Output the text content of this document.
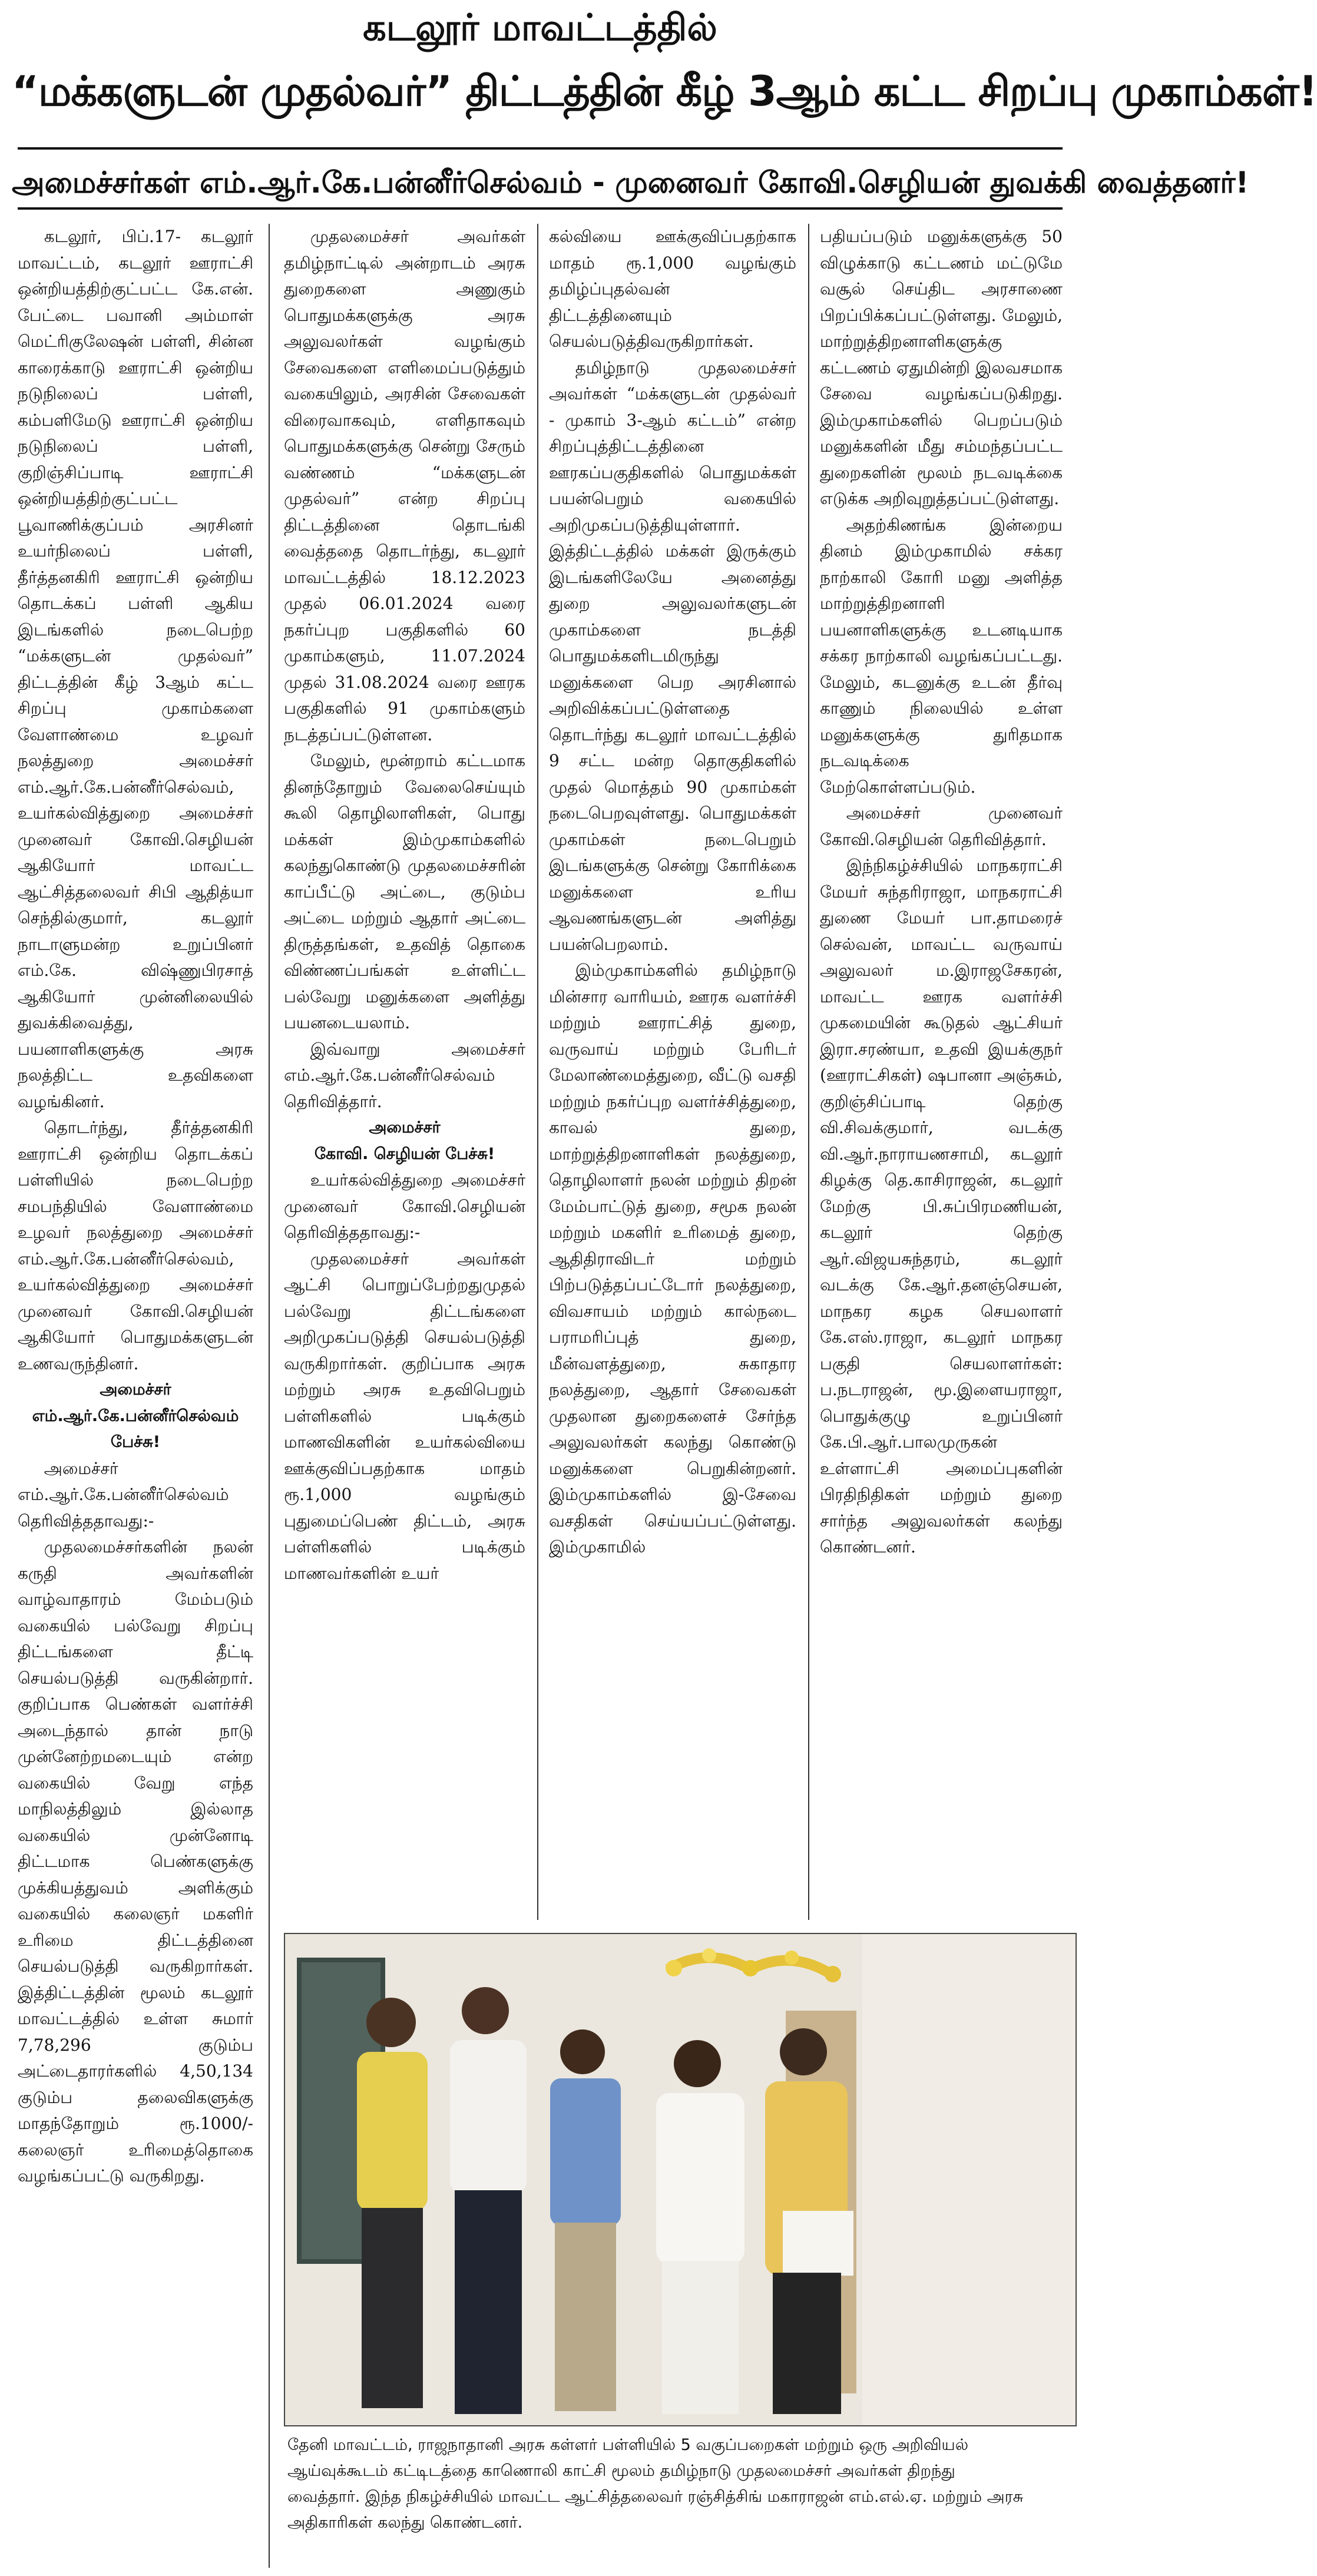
கடலூர் மாவட்டத்தில்
“மக்களுடன் முதல்வர்” திட்டத்தின் கீழ் 3ஆம் கட்ட சிறப்பு முகாம்கள்!
அமைச்சர்கள் எம்.ஆர்.கே.பன்னீர்செல்வம் - முனைவர் கோவி.செழியன் துவக்கி வைத்தனர்!

கடலூர், பிப்.17- கடலூர் மாவட்டம், கடலூர் ஊராட்சி ஒன்றியத்திற்குட்பட்ட கே.என். பேட்டை பவானி அம்மாள் மெட்ரிகுலேஷன் பள்ளி, சின்ன காரைக்காடு ஊராட்சி ஒன்றிய நடுநிலைப் பள்ளி, கம்பளிமேடு ஊராட்சி ஒன்றிய நடுநிலைப் பள்ளி, குறிஞ்சிப்பாடி ஊராட்சி ஒன்றியத்திற்குட்பட்ட பூவாணிக்குப்பம் அரசினர் உயர்நிலைப் பள்ளி, தீர்த்தனகிரி ஊராட்சி ஒன்றிய தொடக்கப் பள்ளி ஆகிய இடங்களில் நடைபெற்ற “மக்களுடன் முதல்வர்” திட்டத்தின் கீழ் 3ஆம் கட்ட சிறப்பு முகாம்களை வேளாண்மை உழவர் நலத்துறை அமைச்சர் எம்.ஆர்.கே.பன்னீர்செல்வம், உயர்கல்வித்துறை அமைச்சர் முனைவர் கோவி.செழியன் ஆகியோர் மாவட்ட ஆட்சித்தலைவர் சிபி ஆதித்யா செந்தில்குமார், கடலூர் நாடாளுமன்ற உறுப்பினர் எம்.கே. விஷ்ணுபிரசாத் ஆகியோர் முன்னிலையில் துவக்கிவைத்து, பயனாளிகளுக்கு அரசு நலத்திட்ட உதவிகளை வழங்கினர்.

தொடர்ந்து, தீர்த்தனகிரி ஊராட்சி ஒன்றிய தொடக்கப் பள்ளியில் நடைபெற்ற சமபந்தியில் வேளாண்மை உழவர் நலத்துறை அமைச்சர் எம்.ஆர்.கே.பன்னீர்செல்வம், உயர்கல்வித்துறை அமைச்சர் முனைவர் கோவி.செழியன் ஆகியோர் பொதுமக்களுடன் உணவருந்தினர்.

அமைச்சர்

எம்.ஆர்.கே.பன்னீர்செல்வம் பேச்சு!

அமைச்சர் எம்.ஆர்.கே.பன்னீர்செல்வம் தெரிவித்ததாவது:-

முதலமைச்சர்களின் நலன் கருதி அவர்களின் வாழ்வாதாரம் மேம்படும் வகையில் பல்வேறு சிறப்பு திட்டங்களை தீட்டி செயல்படுத்தி வருகின்றார். குறிப்பாக பெண்கள் வளர்ச்சி அடைந்தால் தான் நாடு முன்னேற்றமடையும் என்ற வகையில் வேறு எந்த மாநிலத்திலும் இல்லாத வகையில் முன்னோடி திட்டமாக பெண்களுக்கு முக்கியத்துவம் அளிக்கும் வகையில் கலைஞர் மகளிர் உரிமை திட்டத்தினை செயல்படுத்தி வருகிறார்கள். இத்திட்டத்தின் மூலம் கடலூர் மாவட்டத்தில் உள்ள சுமார் 7,78,296 குடும்ப அட்டைதாரர்களில் 4,50,134 குடும்ப தலைவிகளுக்கு மாதந்தோறும் ரூ.1000/- கலைஞர் உரிமைத்தொகை வழங்கப்பட்டு வருகிறது.

முதலமைச்சர் அவர்கள் தமிழ்நாட்டில் அன்றாடம் அரசு துறைகளை அணுகும் பொதுமக்களுக்கு அரசு அலுவலர்கள் வழங்கும் சேவைகளை எளிமைப்படுத்தும் வகையிலும், அரசின் சேவைகள் விரைவாகவும், எளிதாகவும் பொதுமக்களுக்கு சென்று சேரும் வண்ணம் “மக்களுடன் முதல்வர்” என்ற சிறப்பு திட்டத்தினை தொடங்கி வைத்ததை தொடர்ந்து, கடலூர் மாவட்டத்தில் 18.12.2023 முதல் 06.01.2024 வரை நகர்ப்புற பகுதிகளில் 60 முகாம்களும், 11.07.2024 முதல் 31.08.2024 வரை ஊரக பகுதிகளில் 91 முகாம்களும் நடத்தப்பட்டுள்ளன.

மேலும், மூன்றாம் கட்டமாக தினந்தோறும் வேலைசெய்யும் கூலி தொழிலாளிகள், பொது மக்கள் இம்முகாம்களில் கலந்துகொண்டு முதலமைச்சரின் காப்பீட்டு அட்டை, குடும்ப அட்டை மற்றும் ஆதார் அட்டை திருத்தங்கள், உதவித் தொகை விண்ணப்பங்கள் உள்ளிட்ட பல்வேறு மனுக்களை அளித்து பயனடையலாம்.

இவ்வாறு அமைச்சர் எம்.ஆர்.கே.பன்னீர்செல்வம் தெரிவித்தார்.

அமைச்சர்

கோவி. செழியன் பேச்சு!

உயர்கல்வித்துறை அமைச்சர் முனைவர் கோவி.செழியன் தெரிவித்ததாவது:-

முதலமைச்சர் அவர்கள் ஆட்சி பொறுப்பேற்றதுமுதல் பல்வேறு திட்டங்களை அறிமுகப்படுத்தி செயல்படுத்தி வருகிறார்கள். குறிப்பாக அரசு மற்றும் அரசு உதவிபெறும் பள்ளிகளில் படிக்கும் மாணவிகளின் உயர்கல்வியை ஊக்குவிப்பதற்காக மாதம் ரூ.1,000 வழங்கும் புதுமைப்பெண் திட்டம், அரசு பள்ளிகளில் படிக்கும் மாணவர்களின் உயர்

கல்வியை ஊக்குவிப்பதற்காக மாதம் ரூ.1,000 வழங்கும் தமிழ்ப்புதல்வன் திட்டத்தினையும் செயல்படுத்திவருகிறார்கள்.

தமிழ்நாடு முதலமைச்சர் அவர்கள் “மக்களுடன் முதல்வர் - முகாம் 3-ஆம் கட்டம்” என்ற சிறப்புத்திட்டத்தினை ஊரகப்பகுதிகளில் பொதுமக்கள் பயன்பெறும் வகையில் அறிமுகப்படுத்தியுள்ளார். இத்திட்டத்தில் மக்கள் இருக்கும் இடங்களிலேயே அனைத்து துறை அலுவலர்களுடன் முகாம்களை நடத்தி பொதுமக்களிடமிருந்து மனுக்களை பெற அரசினால் அறிவிக்கப்பட்டுள்ளதை தொடர்ந்து கடலூர் மாவட்டத்தில் 9 சட்ட மன்ற தொகுதிகளில் முதல் மொத்தம் 90 முகாம்கள் நடைபெறவுள்ளது. பொதுமக்கள் முகாம்கள் நடைபெறும் இடங்களுக்கு சென்று கோரிக்கை மனுக்களை உரிய ஆவணங்களுடன் அளித்து பயன்பெறலாம்.

இம்முகாம்களில் தமிழ்நாடு மின்சார வாரியம், ஊரக வளர்ச்சி மற்றும் ஊராட்சித் துறை, வருவாய் மற்றும் பேரிடர் மேலாண்மைத்துறை, வீட்டு வசதி மற்றும் நகர்ப்புற வளர்ச்சித்துறை, காவல் துறை, மாற்றுத்திறனாளிகள் நலத்துறை, தொழிலாளர் நலன் மற்றும் திறன் மேம்பாட்டுத் துறை, சமூக நலன் மற்றும் மகளிர் உரிமைத் துறை, ஆதிதிராவிடர் மற்றும் பிற்படுத்தப்பட்டோர் நலத்துறை, விவசாயம் மற்றும் கால்நடை பராமரிப்புத் துறை, மீன்வளத்துறை, சுகாதார நலத்துறை, ஆதார் சேவைகள் முதலான துறைகளைச் சேர்ந்த அலுவலர்கள் கலந்து கொண்டு மனுக்களை பெறுகின்றனர். இம்முகாம்களில் இ-சேவை வசதிகள் செய்யப்பட்டுள்ளது. இம்முகாமில்

பதியப்படும் மனுக்களுக்கு 50 விழுக்காடு கட்டணம் மட்டுமே வசூல் செய்திட அரசாணை பிறப்பிக்கப்பட்டுள்ளது. மேலும், மாற்றுத்திறனாளிகளுக்கு கட்டணம் ஏதுமின்றி இலவசமாக சேவை வழங்கப்படுகிறது. இம்முகாம்களில் பெறப்படும் மனுக்களின் மீது சம்மந்தப்பட்ட துறைகளின் மூலம் நடவடிக்கை எடுக்க அறிவுறுத்தப்பட்டுள்ளது.

அதற்கிணங்க இன்றைய தினம் இம்முகாமில் சக்கர நாற்காலி கோரி மனு அளித்த மாற்றுத்திறனாளி பயனாளிகளுக்கு உடனடியாக சக்கர நாற்காலி வழங்கப்பட்டது. மேலும், கடனுக்கு உடன் தீர்வு காணும் நிலையில் உள்ள மனுக்களுக்கு துரிதமாக நடவடிக்கை மேற்கொள்ளப்படும்.

அமைச்சர் முனைவர் கோவி.செழியன் தெரிவித்தார்.

இந்நிகழ்ச்சியில் மாநகராட்சி மேயர் சுந்தரிராஜா, மாநகராட்சி துணை மேயர் பா.தாமரைச் செல்வன், மாவட்ட வருவாய் அலுவலர் ம.இராஜசேகரன், மாவட்ட ஊரக வளர்ச்சி முகமையின் கூடுதல் ஆட்சியர் இரா.சரண்யா, உதவி இயக்குநர் (ஊராட்சிகள்) ஷபானா அஞ்சும், குறிஞ்சிப்பாடி தெற்கு வி.சிவக்குமார், வடக்கு வி.ஆர்.நாராயணசாமி, கடலூர் கிழக்கு தெ.காசிராஜன், கடலூர் மேற்கு பி.சுப்பிரமணியன், கடலூர் தெற்கு ஆர்.விஜயசுந்தரம், கடலூர் வடக்கு கே.ஆர்.தனஞ்செயன், மாநகர கழக செயலாளர் கே.எஸ்.ராஜா, கடலூர் மாநகர பகுதி செயலாளர்கள்: ப.நடராஜன், மூ.இளையராஜா, பொதுக்குழு உறுப்பினர் கே.பி.ஆர்.பாலமுருகன் உள்ளாட்சி அமைப்புகளின் பிரதிநிதிகள் மற்றும் துறை சார்ந்த அலுவலர்கள் கலந்து கொண்டனர்.

தேனி மாவட்டம், ராஜநாதானி அரசு கள்ளர் பள்ளியில் 5 வகுப்பறைகள் மற்றும் ஒரு அறிவியல்
ஆய்வுக்கூடம் கட்டிடத்தை காணொலி காட்சி மூலம் தமிழ்நாடு முதலமைச்சர் அவர்கள் திறந்து
வைத்தார். இந்த நிகழ்ச்சியில் மாவட்ட ஆட்சித்தலைவர் ரஞ்சித்சிங் மகாராஜன் எம்.எல்.ஏ. மற்றும் அரசு
அதிகாரிகள் கலந்து கொண்டனர்.
